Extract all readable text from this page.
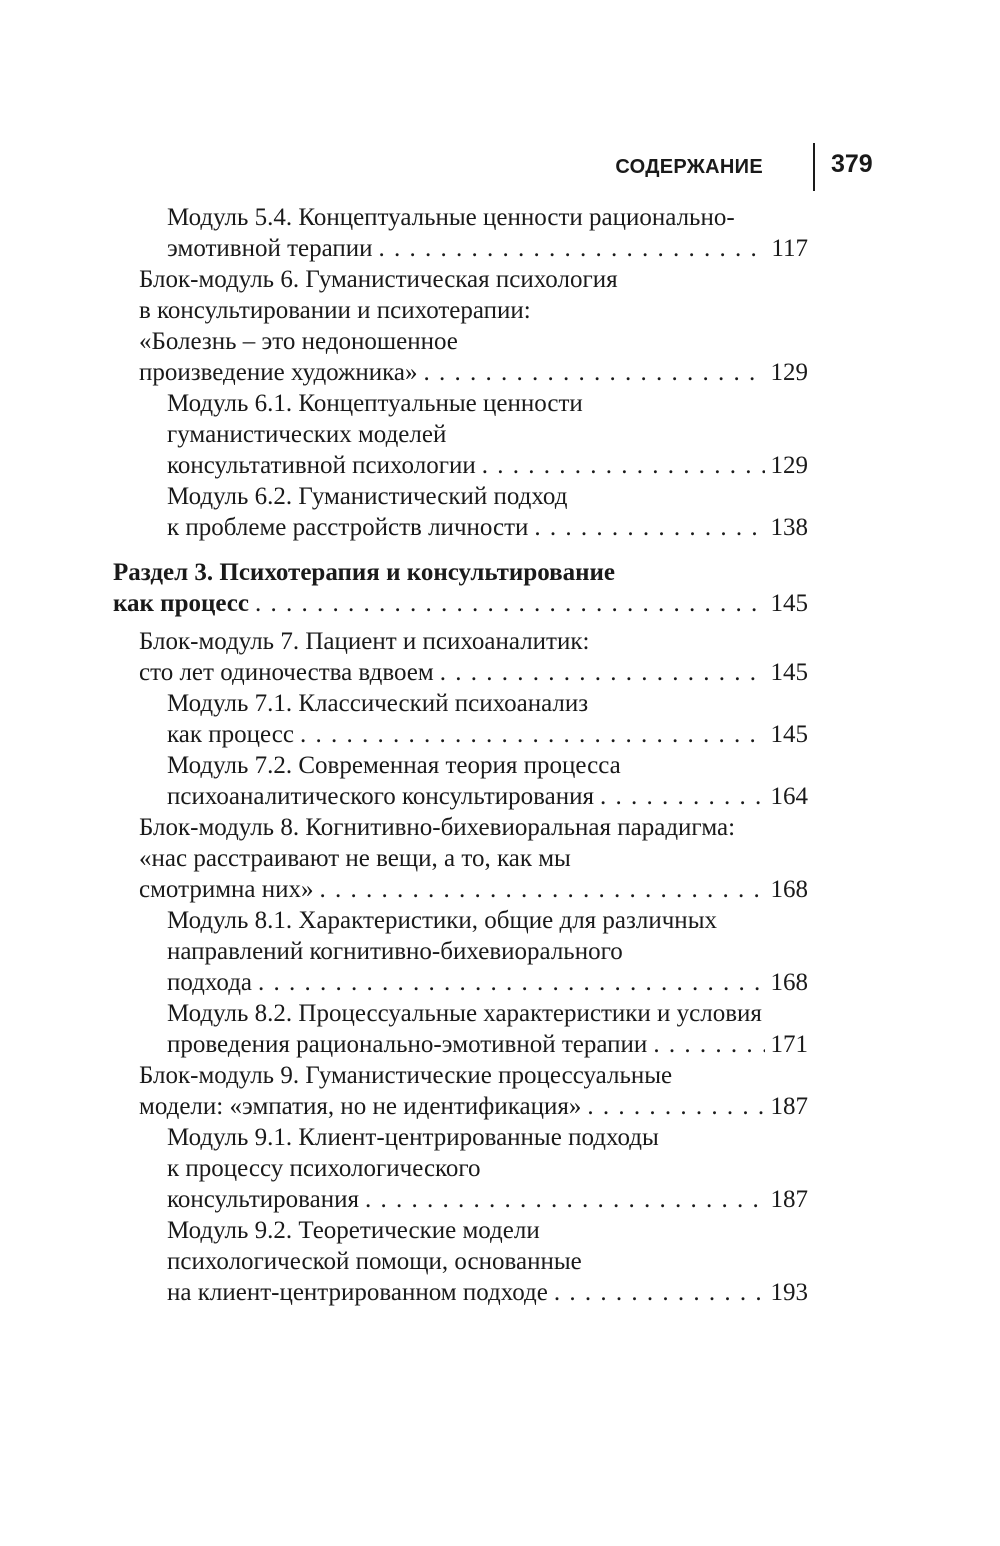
СОДЕРЖАНИЕ	379
Модуль 5.4. Концептуальные ценности рационально-
эмотивной терапии . . .	117
Блок-модуль 6. Гуманистическая психология
в консультировании и психотерапии:
«Болезнь – это недоношенное
произведение художника» . . .	129
Модуль 6.1. Концептуальные ценности
гуманистических моделей
консультативной психологии . . .	129
Модуль 6.2. Гуманистический подход
к проблеме расстройств личности . . .	138
Раздел 3. Психотерапия и консультирование
как процесс . . .	145
Блок-модуль 7. Пациент и психоаналитик:
сто лет одиночества вдвоем . . .	145
Модуль 7.1. Классический психоанализ
как процесс . . .	145
Модуль 7.2. Современная теория процесса
психоаналитического консультирования . . .	164
Блок-модуль 8. Когнитивно-бихевиоральная парадигма:
«нас расстраивают не вещи, а то, как мы
смотримна них» . . .	168
Модуль 8.1. Характеристики, общие для различных
направлений когнитивно-бихевиорального
подхода . . .	168
Модуль 8.2. Процессуальные характеристики и условия
проведения рационально-эмотивной терапии . . .	171
Блок-модуль 9. Гуманистические процессуальные
модели: «эмпатия, но не идентификация» . . .	187
Модуль 9.1. Клиент-центрированные подходы
к процессу психологического
консультирования . . .	187
Модуль 9.2. Теоретические модели
психологической помощи, основанные
на клиент-центрированном подходе . . .	193
